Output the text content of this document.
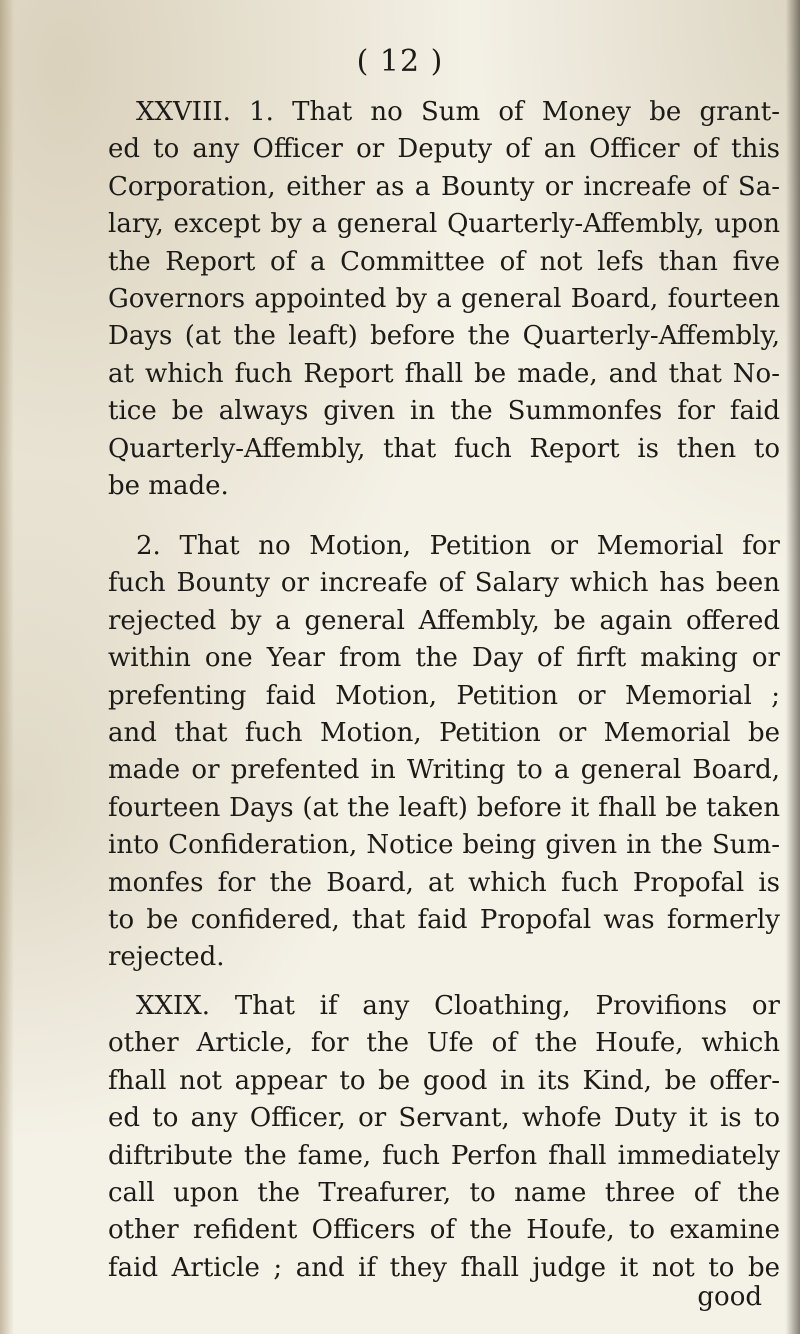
( 12 )
XXVIII. 1. That no Sum of Money be grant-
ed to any Officer or Deputy of an Officer of this
Corporation, either as a Bounty or increafe of Sa-
lary, except by a general Quarterly-Affembly, upon
the Report of a Committee of not lefs than five
Governors appointed by a general Board, fourteen
Days (at the leaft) before the Quarterly-Affembly,
at which fuch Report fhall be made, and that No-
tice be always given in the Summonfes for faid
Quarterly-Affembly, that fuch Report is then to
be made.
2. That no Motion, Petition or Memorial for
fuch Bounty or increafe of Salary which has been
rejected by a general Affembly, be again offered
within one Year from the Day of firft making or
prefenting faid Motion, Petition or Memorial ;
and that fuch Motion, Petition or Memorial be
made or prefented in Writing to a general Board,
fourteen Days (at the leaft) before it fhall be taken
into Confideration, Notice being given in the Sum-
monfes for the Board, at which fuch Propofal is
to be confidered, that faid Propofal was formerly
rejected.
XXIX. That if any Cloathing, Provifions or
other Article, for the Ufe of the Houfe, which
fhall not appear to be good in its Kind, be offer-
ed to any Officer, or Servant, whofe Duty it is to
diftribute the fame, fuch Perfon fhall immediately
call upon the Treafurer, to name three of the
other refident Officers of the Houfe, to examine
faid Article ; and if they fhall judge it not to be
good
